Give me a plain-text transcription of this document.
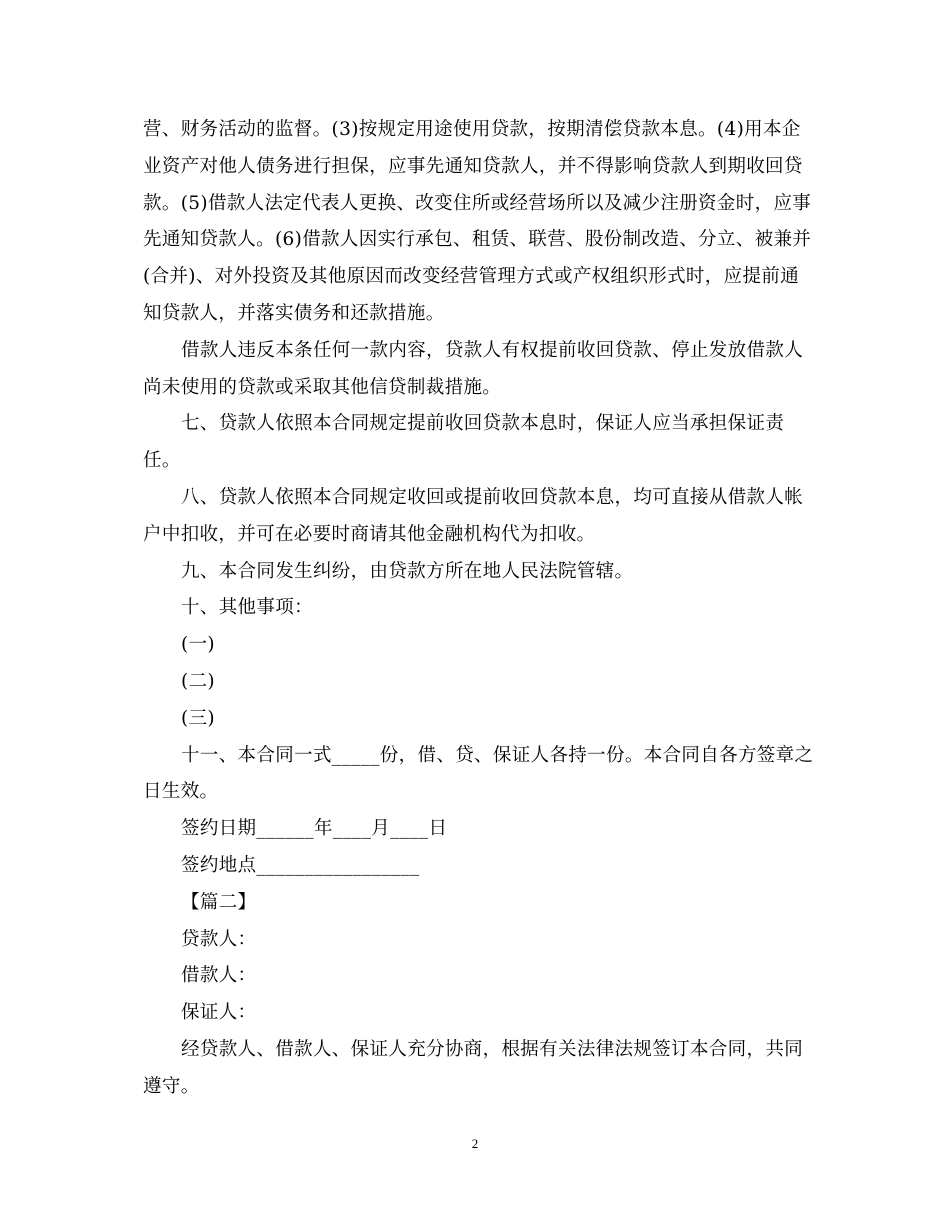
营、财务活动的监督。(3)按规定用途使用贷款，按期清偿贷款本息。(4)用本企
业资产对他人债务进行担保，应事先通知贷款人，并不得影响贷款人到期收回贷
款。(5)借款人法定代表人更换、改变住所或经营场所以及减少注册资金时，应事
先通知贷款人。(6)借款人因实行承包、租赁、联营、股份制改造、分立、被兼并
(合并)、对外投资及其他原因而改变经营管理方式或产权组织形式时，应提前通
知贷款人，并落实债务和还款措施。
借款人违反本条任何一款内容，贷款人有权提前收回贷款、停止发放借款人
尚未使用的贷款或采取其他信贷制裁措施。
七、贷款人依照本合同规定提前收回贷款本息时，保证人应当承担保证责
任。
八、贷款人依照本合同规定收回或提前收回贷款本息，均可直接从借款人帐
户中扣收，并可在必要时商请其他金融机构代为扣收。
九、本合同发生纠纷，由贷款方所在地人民法院管辖。
十、其他事项：
(一)
(二)
(三)
十一、本合同一式_____份，借、贷、保证人各持一份。本合同自各方签章之
日生效。
签约日期______年____月____日
签约地点_________________
【篇二】
贷款人：
借款人：
保证人：
经贷款人、借款人、保证人充分协商，根据有关法律法规签订本合同，共同
遵守。
2
